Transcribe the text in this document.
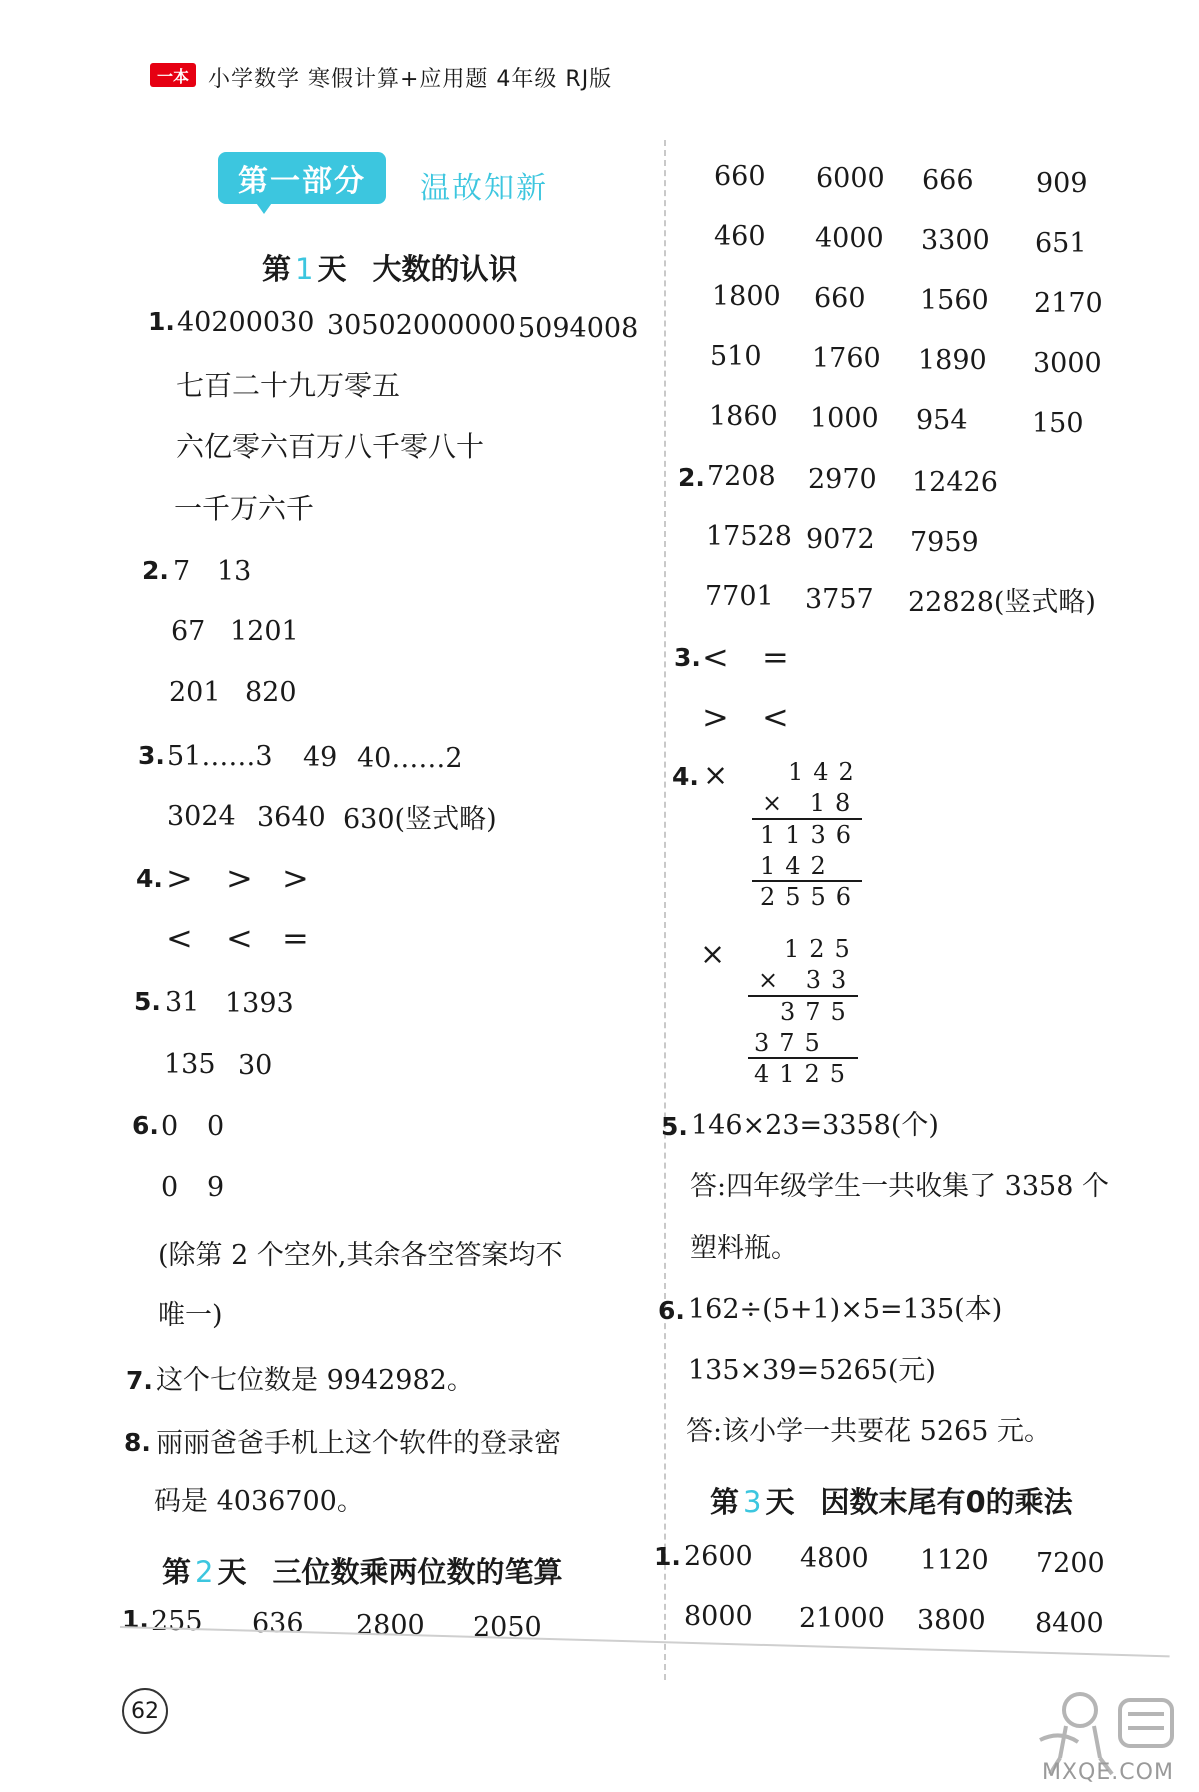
一本 小学数学 寒假计算+应用题 4年级 RJ版
第一部分	温故知新
第 1 天 大数的认识
1. 40200030 30502000000 5094008
七百二十九万零五
六亿零六百万八千零八十
一千万六千
2. 7 13
67 1201
201 820
3. 51……3 49 40……2
3024 3640 630(竖式略)
4. > > >
< < =
5. 31 1393
135 30
6. 0 0
0 9
(除第 2 个空外,其余各空答案均不
唯一)
7. 这个七位数是 9942982。
8. 丽丽爸爸手机上这个软件的登录密
码是 4036700。
第 2 天 三位数乘两位数的笔算
1. 255 636 2800 2050
660 6000 666 909
460 4000 3300 651
1800 660 1560 2170
510 1760 1890 3000
1860 1000 954 150
2. 7208 2970 12426
17528 9072 7959
7701 3757 22828(竖式略)
3. < =
> <
4. × 142
× 18
1136
142
2556
× 125
× 33
375
375
4125
5. 146×23=3358(个)
答:四年级学生一共收集了 3358 个
塑料瓶。
6. 162÷(5+1)×5=135(本)
135×39=5265(元)
答:该小学一共要花 5265 元。
第 3 天 因数末尾有0的乘法
1. 2600 4800 1120 7200
8000 21000 3800 8400
62
MXQE.COM
